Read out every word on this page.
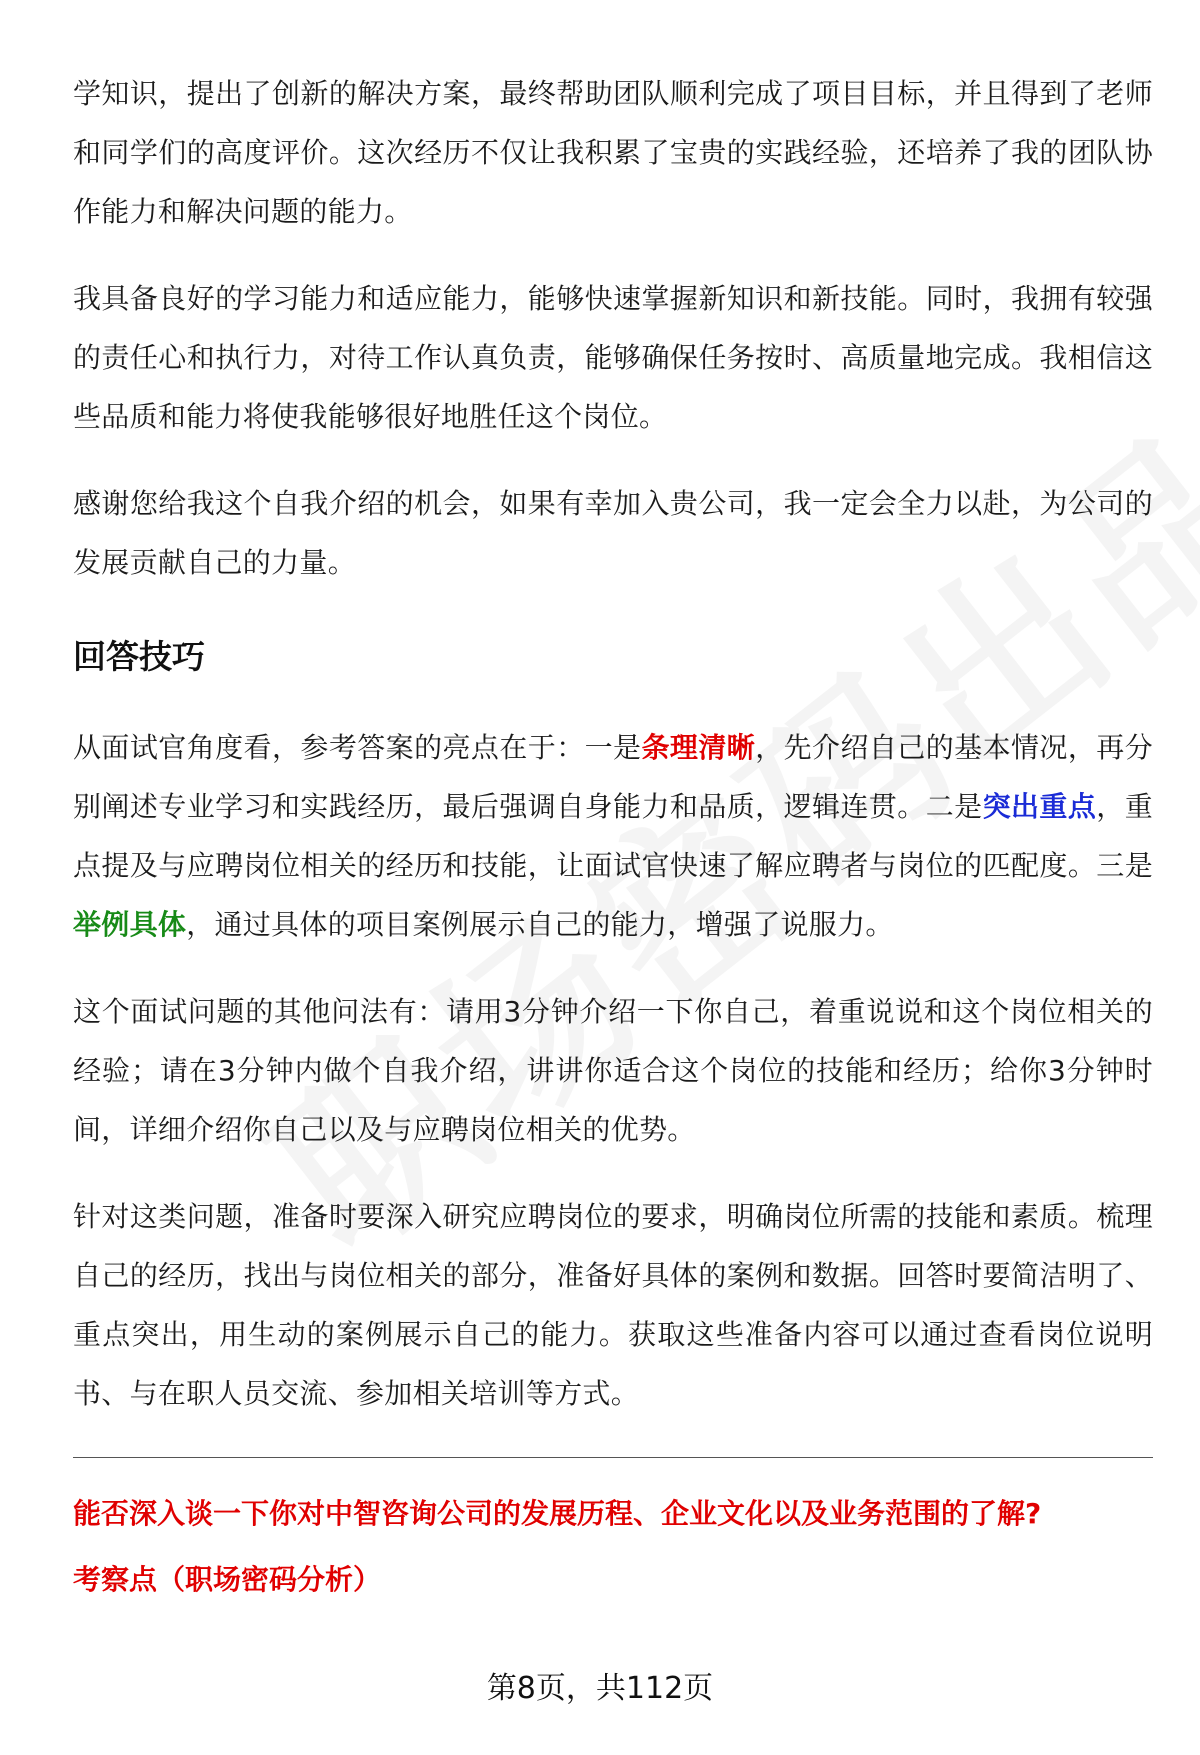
学知识，提出了创新的解决方案，最终帮助团队顺利完成了项目目标，并且得到了老师和同学们的高度评价。这次经历不仅让我积累了宝贵的实践经验，还培养了我的团队协作能力和解决问题的能力。

我具备良好的学习能力和适应能力，能够快速掌握新知识和新技能。同时，我拥有较强的责任心和执行力，对待工作认真负责，能够确保任务按时、高质量地完成。我相信这些品质和能力将使我能够很好地胜任这个岗位。

感谢您给我这个自我介绍的机会，如果有幸加入贵公司，我一定会全力以赴，为公司的发展贡献自己的力量。

回答技巧

从面试官角度看，参考答案的亮点在于：一是条理清晰，先介绍自己的基本情况，再分别阐述专业学习和实践经历，最后强调自身能力和品质，逻辑连贯。二是突出重点，重点提及与应聘岗位相关的经历和技能，让面试官快速了解应聘者与岗位的匹配度。三是举例具体，通过具体的项目案例展示自己的能力，增强了说服力。

这个面试问题的其他问法有：请用3分钟介绍一下你自己，着重说说和这个岗位相关的经验；请在3分钟内做个自我介绍，讲讲你适合这个岗位的技能和经历；给你3分钟时间，详细介绍你自己以及与应聘岗位相关的优势。

针对这类问题，准备时要深入研究应聘岗位的要求，明确岗位所需的技能和素质。梳理自己的经历，找出与岗位相关的部分，准备好具体的案例和数据。回答时要简洁明了、重点突出，用生动的案例展示自己的能力。获取这些准备内容可以通过查看岗位说明书、与在职人员交流、参加相关培训等方式。

能否深入谈一下你对中智咨询公司的发展历程、企业文化以及业务范围的了解?
考察点（职场密码分析）
第8页，共112页
